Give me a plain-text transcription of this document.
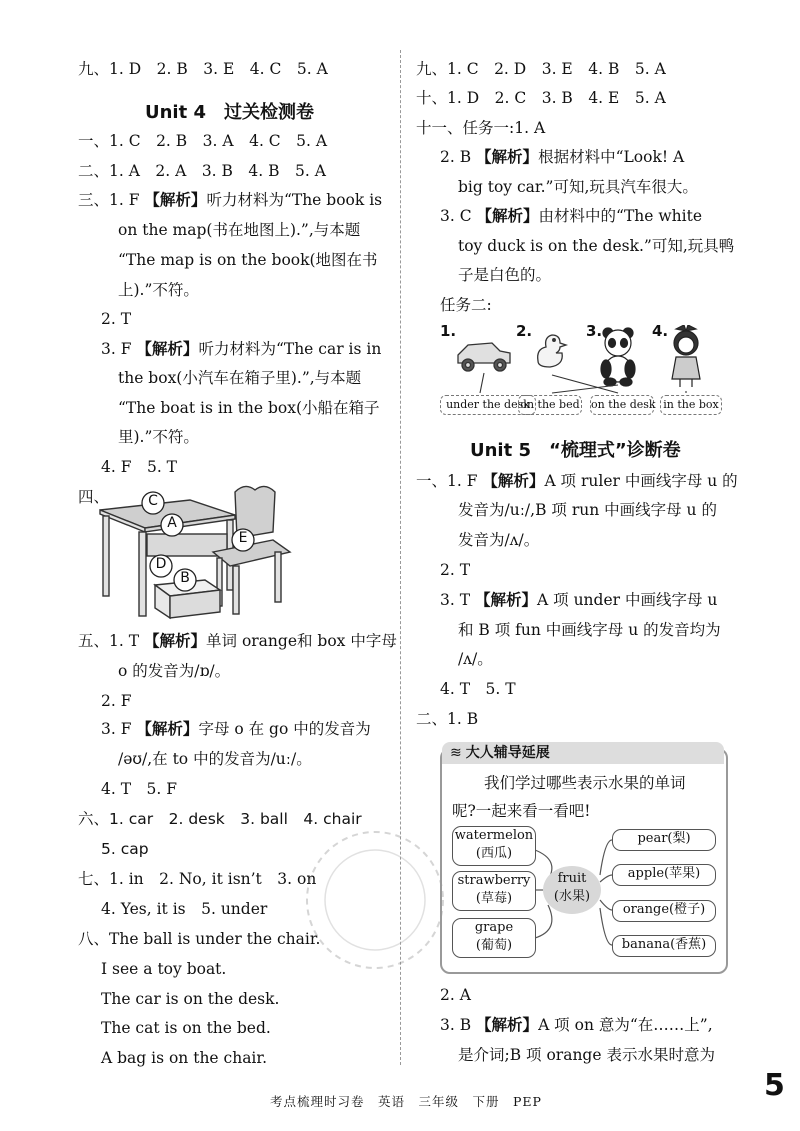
九、1. D　2. B　3. E　4. C　5. A
Unit 4　过关检测卷
一、1. C　2. B　3. A　4. C　5. A
二、1. A　2. A　3. B　4. B　5. A
三、1. F 【解析】听力材料为“The book is
on the map(书在地图上).”,与本题
“The map is on the book(地图在书
上).”不符。
2. T
3. F 【解析】听力材料为“The car is in
the box(小汽车在箱子里).”,与本题
“The boat is in the box(小船在箱子
里).”不符。
4. F　5. T
四、	C
A
E
D
B
五、1. T 【解析】单词 orange和 box 中字母
o 的发音为/ɒ/。
2. F
3. F 【解析】字母 o 在 go 中的发音为
/əʊ/,在 to 中的发音为/uː/。
4. T　5. F
六、1. car　2. desk　3. ball　4. chair
5. cap
七、1. in　2. No, it isn’t　3. on
4. Yes, it is　5. under
八、The ball is under the chair.
I see a toy boat.
The car is on the desk.
The cat is on the bed.
A bag is on the chair.
九、1. C　2. D　3. E　4. B　5. A
十、1. D　2. C　3. B　4. E　5. A
十一、任务一:1. A
2. B 【解析】根据材料中“Look! A
big toy car.”可知,玩具汽车很大。
3. C 【解析】由材料中的“The white
toy duck is on the desk.”可知,玩具鸭
子是白色的。
任务二:
1.	2.	3.	4.
under the desk
on the bed on the desk in the box
Unit 5　“梳理式”诊断卷
一、1. F 【解析】A 项 ruler 中画线字母 u 的
发音为/uː/,B 项 run 中画线字母 u 的
发音为/ʌ/。
2. T
3. T 【解析】A 项 under 中画线字母 u
和 B 项 fun 中画线字母 u 的发音均为
/ʌ/。
4. T　5. T
二、1. B
≋ 大人辅导延展
我们学过哪些表示水果的单词
呢?一起来看一看吧!
watermelon
(西瓜)
strawberry
(草莓)
grape
(葡萄)
fruit
(水果)
pear(梨)
apple(苹果)
orange(橙子)
banana(香蕉)
2. A
3. B 【解析】A 项 on 意为“在……上”,
是介词;B 项 orange 表示水果时意为
考点梳理时习卷　英语　三年级　下册　PEP	5
